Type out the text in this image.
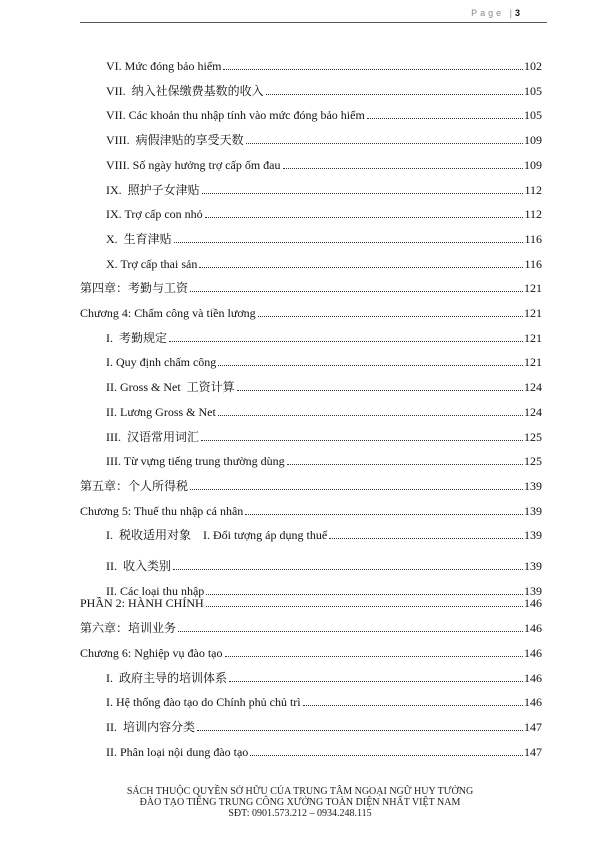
Page |3
VI. Mức đóng bảo hiểm	102
VII.  纳入社保缴费基数的收入	105
VII. Các khoản thu nhập tính vào mức đóng bảo hiểm	105
VIII.  病假津贴的享受天数	109
VIII. Số ngày hưởng trợ cấp ốm đau	109
IX.  照护子女津贴	112
IX. Trợ cấp con nhỏ	112
X.  生育津贴	116
X. Trợ cấp thai sản	116
第四章：考勤与工资	121
Chương 4: Chấm công và tiền lương	121
I.  考勤规定	121
I. Quy định chấm công	121
II. Gross & Net  工资计算	124
II. Lương Gross & Net	124
III.  汉语常用词汇	125
III. Từ vựng tiếng trung thường dùng	125
第五章：个人所得税	139
Chương 5: Thuế thu nhập cá nhân	139
I.  税收适用对象    I. Đối tượng áp dụng thuế	139
II.  收入类别	139
II. Các loại thu nhập	139
PHẦN 2: HÀNH CHÍNH	146
第六章：培训业务	146
Chương 6: Nghiệp vụ đào tạo	146
I.  政府主导的培训体系	146
I. Hệ thống đào tạo do Chính phủ chủ trì	146
II.  培训内容分类	147
II. Phân loại nội dung đào tạo	147
SÁCH THUỘC QUYỀN SỞ HỮU CỦA TRUNG TÂM NGOẠI NGỮ HUY TƯỞNG
ĐÀO TẠO TIẾNG TRUNG CÔNG XƯỞNG TOÀN DIỆN NHẤT VIỆT NAM
SĐT: 0901.573.212 – 0934.248.115
